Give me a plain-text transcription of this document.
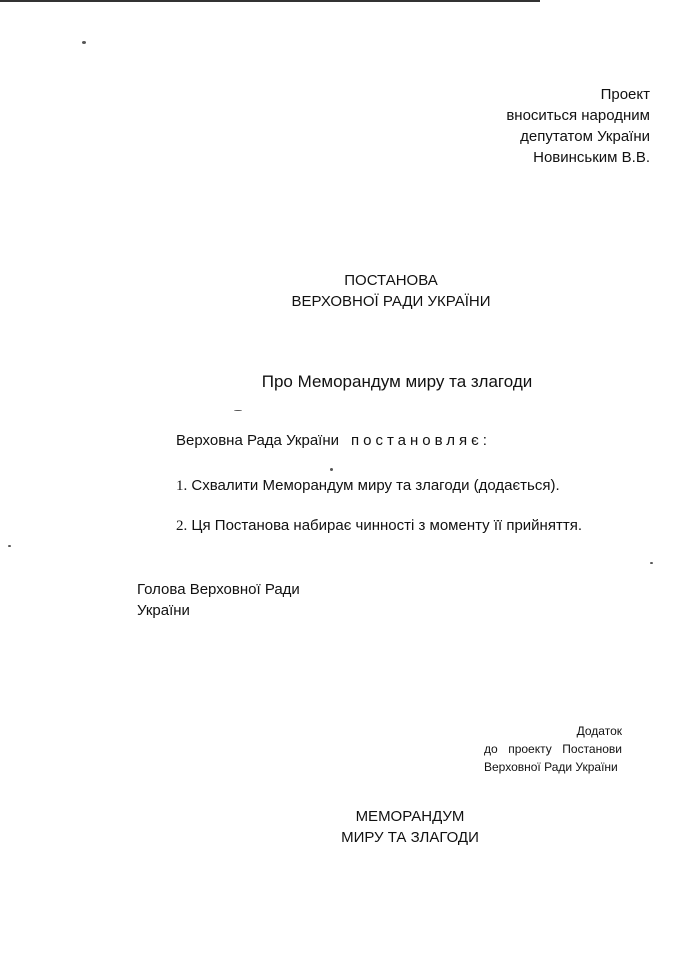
Проект
вноситься народним
депутатом України
Новинським В.В.
ПОСТАНОВА
ВЕРХОВНОЇ РАДИ УКРАЇНИ
Про Меморандум миру та злагоди
Верховна Рада України постановляє:
1. Схвалити Меморандум миру та злагоди (додається).
2. Ця Постанова набирає чинності з моменту її прийняття.
Голова Верховної Ради
України
Додаток
до проекту Постанови
Верховної Ради України
МЕМОРАНДУМ
МИРУ ТА ЗЛАГОДИ
